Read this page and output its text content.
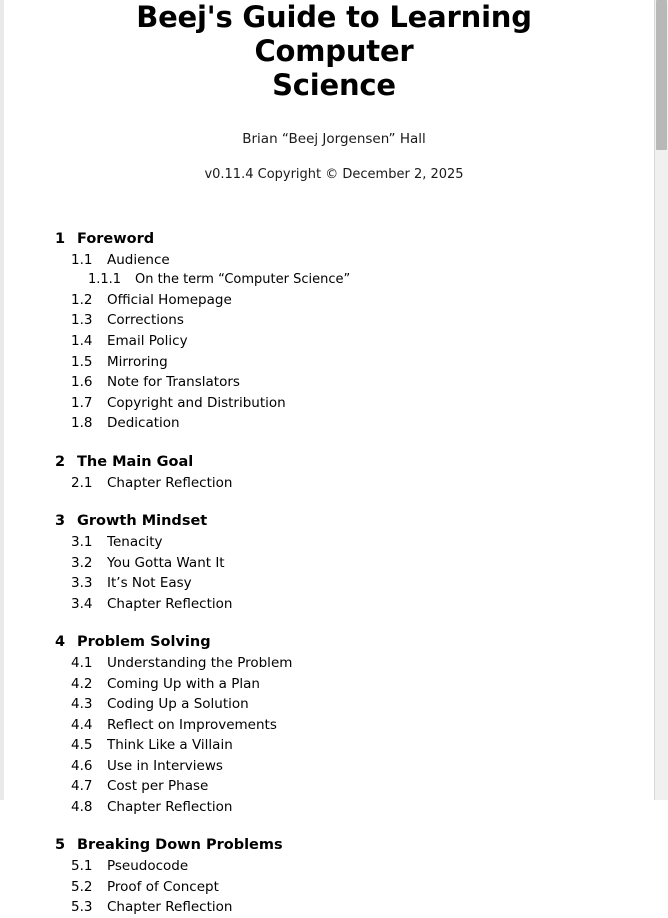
Beej's Guide to Learning Computer
Science
Brian “Beej Jorgensen” Hall
v0.11.4 Copyright © December 2, 2025
1 Foreword
1.1	Audience
1.1.1	On the term “Computer Science”
1.2	Official Homepage
1.3	Corrections
1.4	Email Policy
1.5	Mirroring
1.6	Note for Translators
1.7	Copyright and Distribution
1.8	Dedication
2 The Main Goal
2.1	Chapter Reflection
3 Growth Mindset
3.1	Tenacity
3.2	You Gotta Want It
3.3	It’s Not Easy
3.4	Chapter Reflection
4 Problem Solving
4.1	Understanding the Problem
4.2	Coming Up with a Plan
4.3	Coding Up a Solution
4.4	Reflect on Improvements
4.5	Think Like a Villain
4.6	Use in Interviews
4.7	Cost per Phase
4.8	Chapter Reflection
5 Breaking Down Problems
5.1	Pseudocode
5.2	Proof of Concept
5.3	Chapter Reflection
